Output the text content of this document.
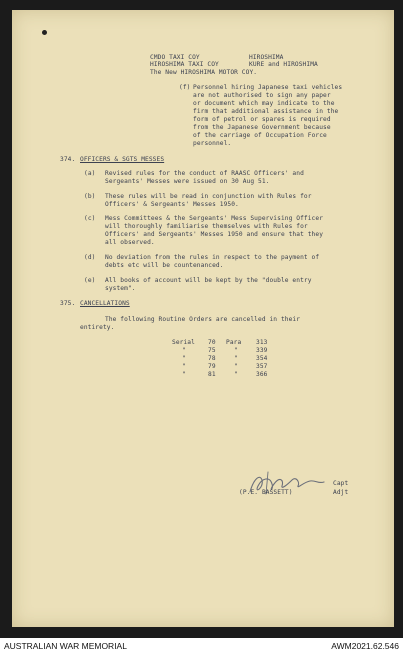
CMDO TAXI COY	HIROSHIMA
HIROSHIMA TAXI COY	KURE and HIROSHIMA
The New HIROSHIMA MOTOR COY.
(f) Personnel hiring Japanese taxi vehicles
are not authorised to sign any paper
or document which may indicate to the
firm that additional assistance in the
form of petrol or spares is required
from the Japanese Government because
of the carriage of Occupation Force
personnel.
374. OFFICERS & SGTS MESSES
(a) Revised rules for the conduct of RAASC Officers' and
Sergeants' Messes were issued on 30 Aug 51.
(b) These rules will be read in conjunction with Rules for
Officers' & Sergeants' Messes 1950.
(c) Mess Committees & the Sergeants' Mess Supervising Officer
will thoroughly familiarise themselves with Rules for
Officers' and Sergeants' Messes 1950 and ensure that they
all observed.
(d) No deviation from the rules in respect to the payment of
debts etc will be countenanced.
(e) All books of account will be kept by the "double entry
system".
375. CANCELLATIONS
The following Routine Orders are cancelled in their
entirety.
Serial 70 Para 313
"	75	"	339
"	78	"	354
"	79	"	357
"	81	"	366
(P.E. BASSETT)
Capt
Adjt
AUSTRALIAN WAR MEMORIAL	AWM2021.62.546
